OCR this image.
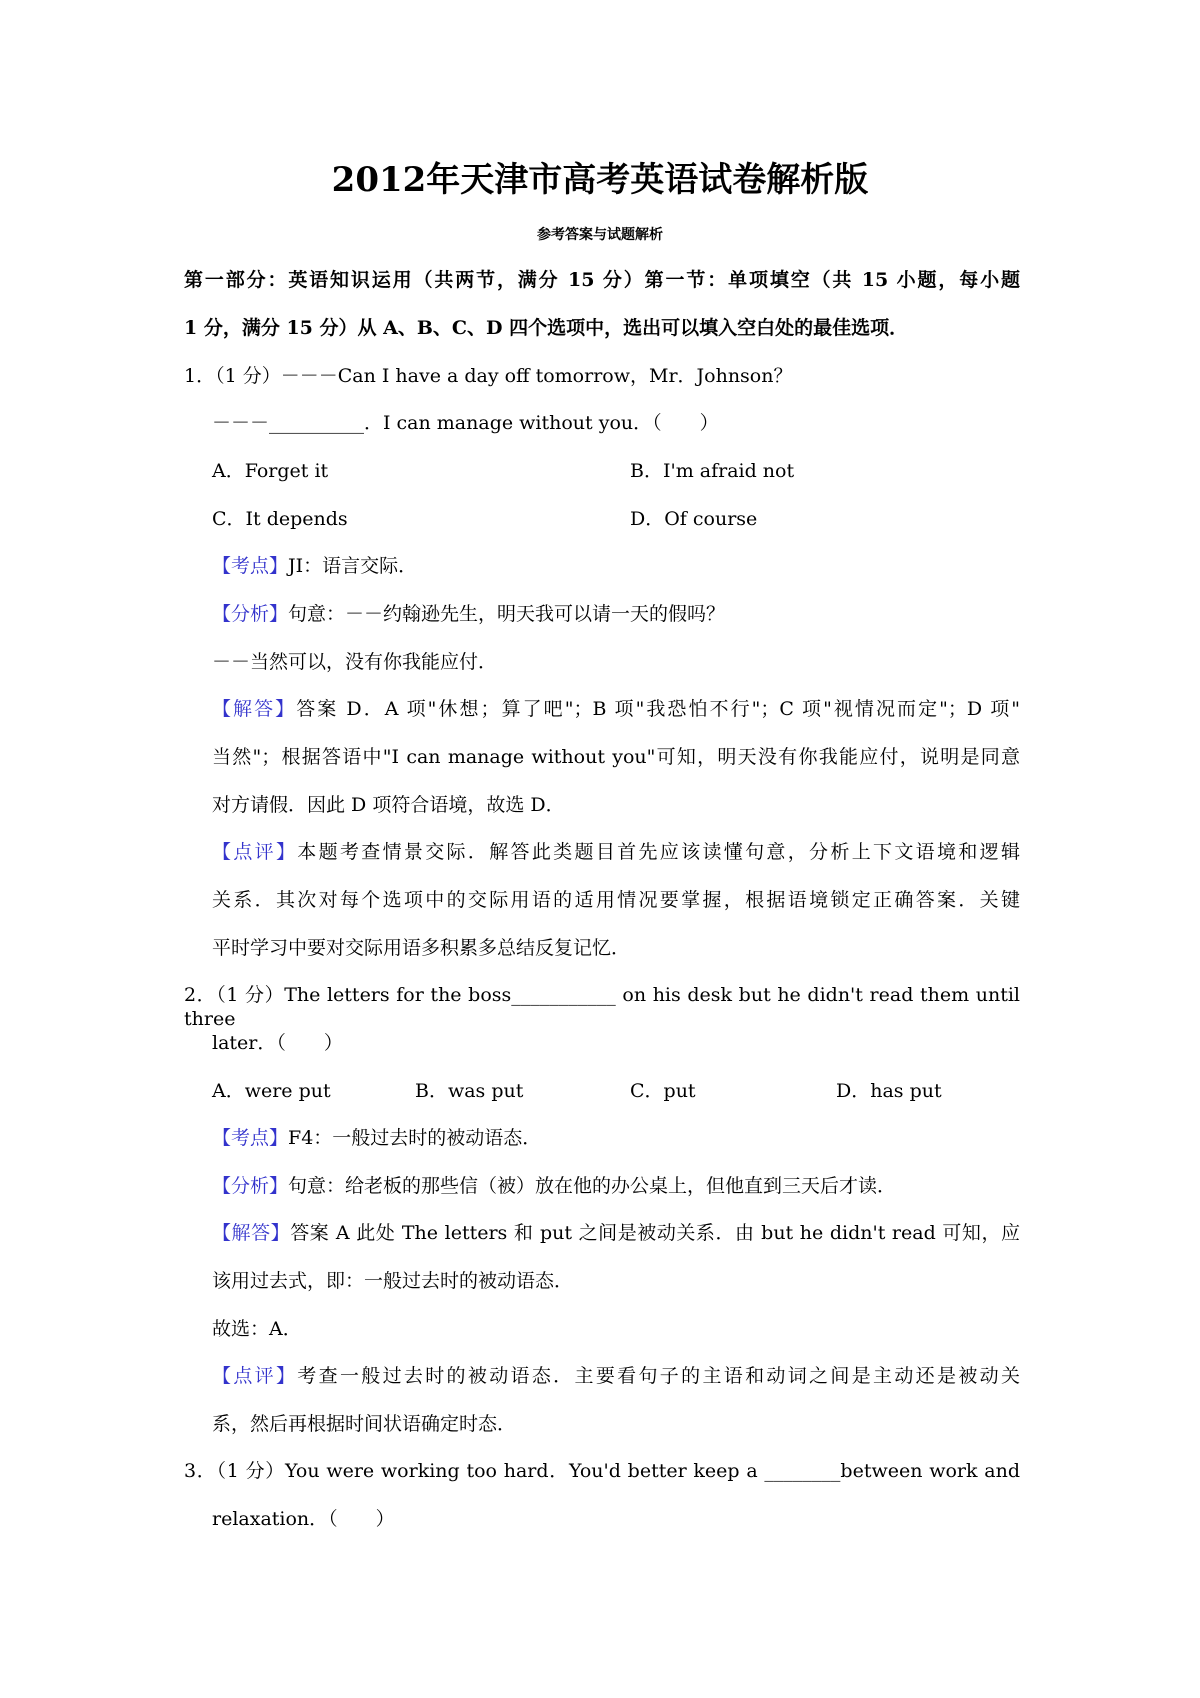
2012年天津市高考英语试卷解析版
参考答案与试题解析
第一部分：英语知识运用（共两节，满分 15 分）第一节：单项填空（共 15 小题，每小题
1 分，满分 15 分）从 A、B、C、D 四个选项中，选出可以填入空白处的最佳选项．
1．（1 分）－－－Can I have a day off tomorrow，Mr．Johnson？
－－－__________．I can manage without you．（　　）
A．Forget it	B．I'm afraid not
C．It depends	D．Of course
【考点】JI：语言交际．
【分析】句意：－－约翰逊先生，明天我可以请一天的假吗？
－－当然可以，没有你我能应付．
【解答】答案 D．A 项"休想；算了吧"；B 项"我恐怕不行"；C 项"视情况而定"；D 项"
当然"；根据答语中"I can manage without you"可知，明天没有你我能应付，说明是同意
对方请假．因此 D 项符合语境，故选 D．
【点评】本题考查情景交际．解答此类题目首先应该读懂句意，分析上下文语境和逻辑
关系．其次对每个选项中的交际用语的适用情况要掌握，根据语境锁定正确答案．关键
平时学习中要对交际用语多积累多总结反复记忆．
2．（1 分）The letters for the boss___________ on his desk but he didn't read them until three
later．（　　）
A．were put	B．was put	C．put	D．has put
【考点】F4：一般过去时的被动语态．
【分析】句意：给老板的那些信（被）放在他的办公桌上，但他直到三天后才读．
【解答】答案 A 此处 The letters 和 put 之间是被动关系．由 but he didn't read 可知，应
该用过去式，即：一般过去时的被动语态．
故选：A．
【点评】考查一般过去时的被动语态．主要看句子的主语和动词之间是主动还是被动关
系，然后再根据时间状语确定时态．
3．（1 分）You were working too hard．You'd better keep a ________between work and
relaxation．（　　）
